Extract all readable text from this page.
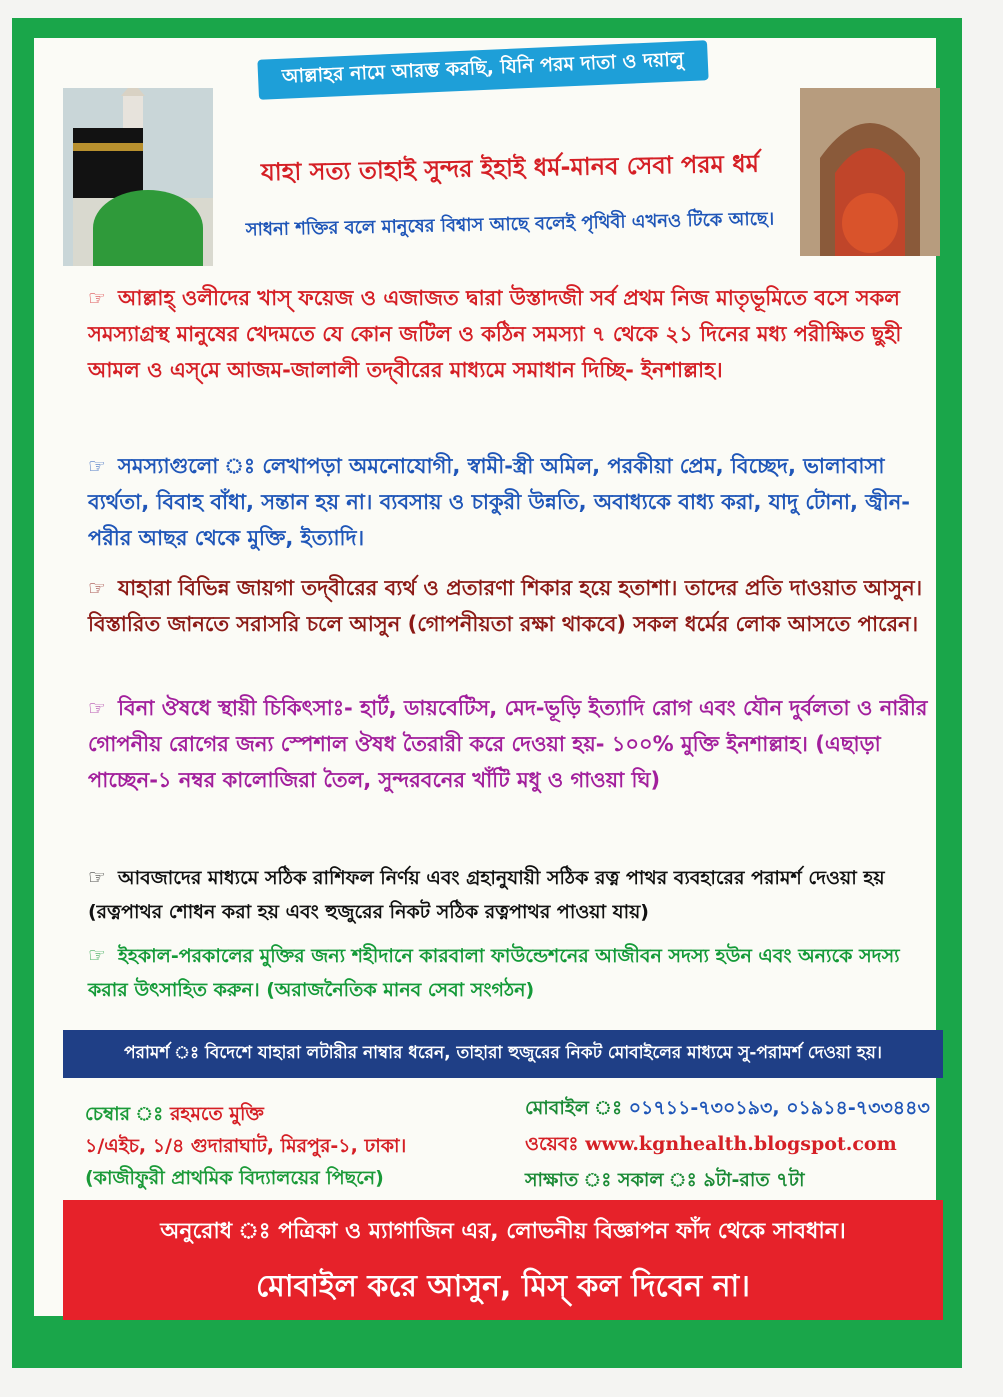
আল্লাহর নামে আরম্ভ করছি, যিনি পরম দাতা ও দয়ালু
যাহা সত্য তাহাই সুন্দর ইহাই ধর্ম-মানব সেবা পরম ধর্ম
সাধনা শক্তির বলে মানুষের বিশ্বাস আছে বলেই পৃথিবী এখনও টিকে আছে।
☞ আল্লাহ্ ওলীদের খাস্ ফয়েজ ও এজাজত দ্বারা উস্তাদজী সর্ব প্রথম নিজ মাতৃভূমিতে বসে সকল সমস্যাগ্রস্থ মানুষের খেদমতে যে কোন জটিল ও কঠিন সমস্যা ৭ থেকে ২১ দিনের মধ্য পরীক্ষিত ছুহী আমল ও এস্‌মে আজম-জালালী তদ্‌বীরের মাধ্যমে সমাধান দিচ্ছি- ইনশাল্লাহ।
☞ সমস্যাগুলো ঃ লেখাপড়া অমনোযোগী, স্বামী-স্ত্রী অমিল, পরকীয়া প্রেম, বিচ্ছেদ, ভালাবাসা ব্যর্থতা, বিবাহ বাঁধা, সন্তান হয় না। ব্যবসায় ও চাকুরী উন্নতি, অবাধ্যকে বাধ্য করা, যাদু টোনা, জ্বীন-পরীর আছর থেকে মুক্তি, ইত্যাদি।
☞ যাহারা বিভিন্ন জায়গা তদ্‌বীরের ব্যর্থ ও প্রতারণা শিকার হয়ে হতাশা। তাদের প্রতি দাওয়াত আসুন। বিস্তারিত জানতে সরাসরি চলে আসুন (গোপনীয়তা রক্ষা থাকবে) সকল ধর্মের লোক আসতে পারেন।
☞ বিনা ঔষধে স্থায়ী চিকিৎসাঃ- হার্ট, ডায়বেটিস, মেদ-ভূড়ি ইত্যাদি রোগ এবং যৌন দুর্বলতা ও নারীর গোপনীয় রোগের জন্য স্পেশাল ঔষধ তৈরারী করে দেওয়া হয়- ১০০% মুক্তি ইনশাল্লাহ। (এছাড়া পাচ্ছেন-১ নম্বর কালোজিরা তৈল, সুন্দরবনের খাঁটি মধু ও গাওয়া ঘি)
☞ আবজাদের মাধ্যমে সঠিক রাশিফল নির্ণয় এবং গ্রহানুযায়ী সঠিক রত্ন পাথর ব্যবহারের পরামর্শ দেওয়া হয় (রত্নপাথর শোধন করা হয় এবং হুজুরের নিকট সঠিক রত্নপাথর পাওয়া যায়)
☞ ইহকাল-পরকালের মুক্তির জন্য শহীদানে কারবালা ফাউন্ডেশনের আজীবন সদস্য হউন এবং অন্যকে সদস্য করার উৎসাহিত করুন। (অরাজনৈতিক মানব সেবা সংগঠন)
পরামর্শ ঃ বিদেশে যাহারা লটারীর নাম্বার ধরেন, তাহারা হুজুরের নিকট মোবাইলের মাধ্যমে সু-পরামর্শ দেওয়া হয়।
চেম্বার ঃ রহমতে মুক্তি
১/এইচ, ১/৪ গুদারাঘাট, মিরপুর-১, ঢাকা।
(কাজীফুরী প্রাথমিক বিদ্যালয়ের পিছনে)
মোবাইল ঃ ০১৭১১-৭৩০১৯৩, ০১৯১৪-৭৩৩৪৪৩
ওয়েবঃ www.kgnhealth.blogspot.com
সাক্ষাত ঃ সকাল ঃ ৯টা-রাত ৭টা
অনুরোধ ঃ পত্রিকা ও ম্যাগাজিন এর, লোভনীয় বিজ্ঞাপন ফাঁদ থেকে সাবধান।
মোবাইল করে আসুন, মিস্ কল দিবেন না।
